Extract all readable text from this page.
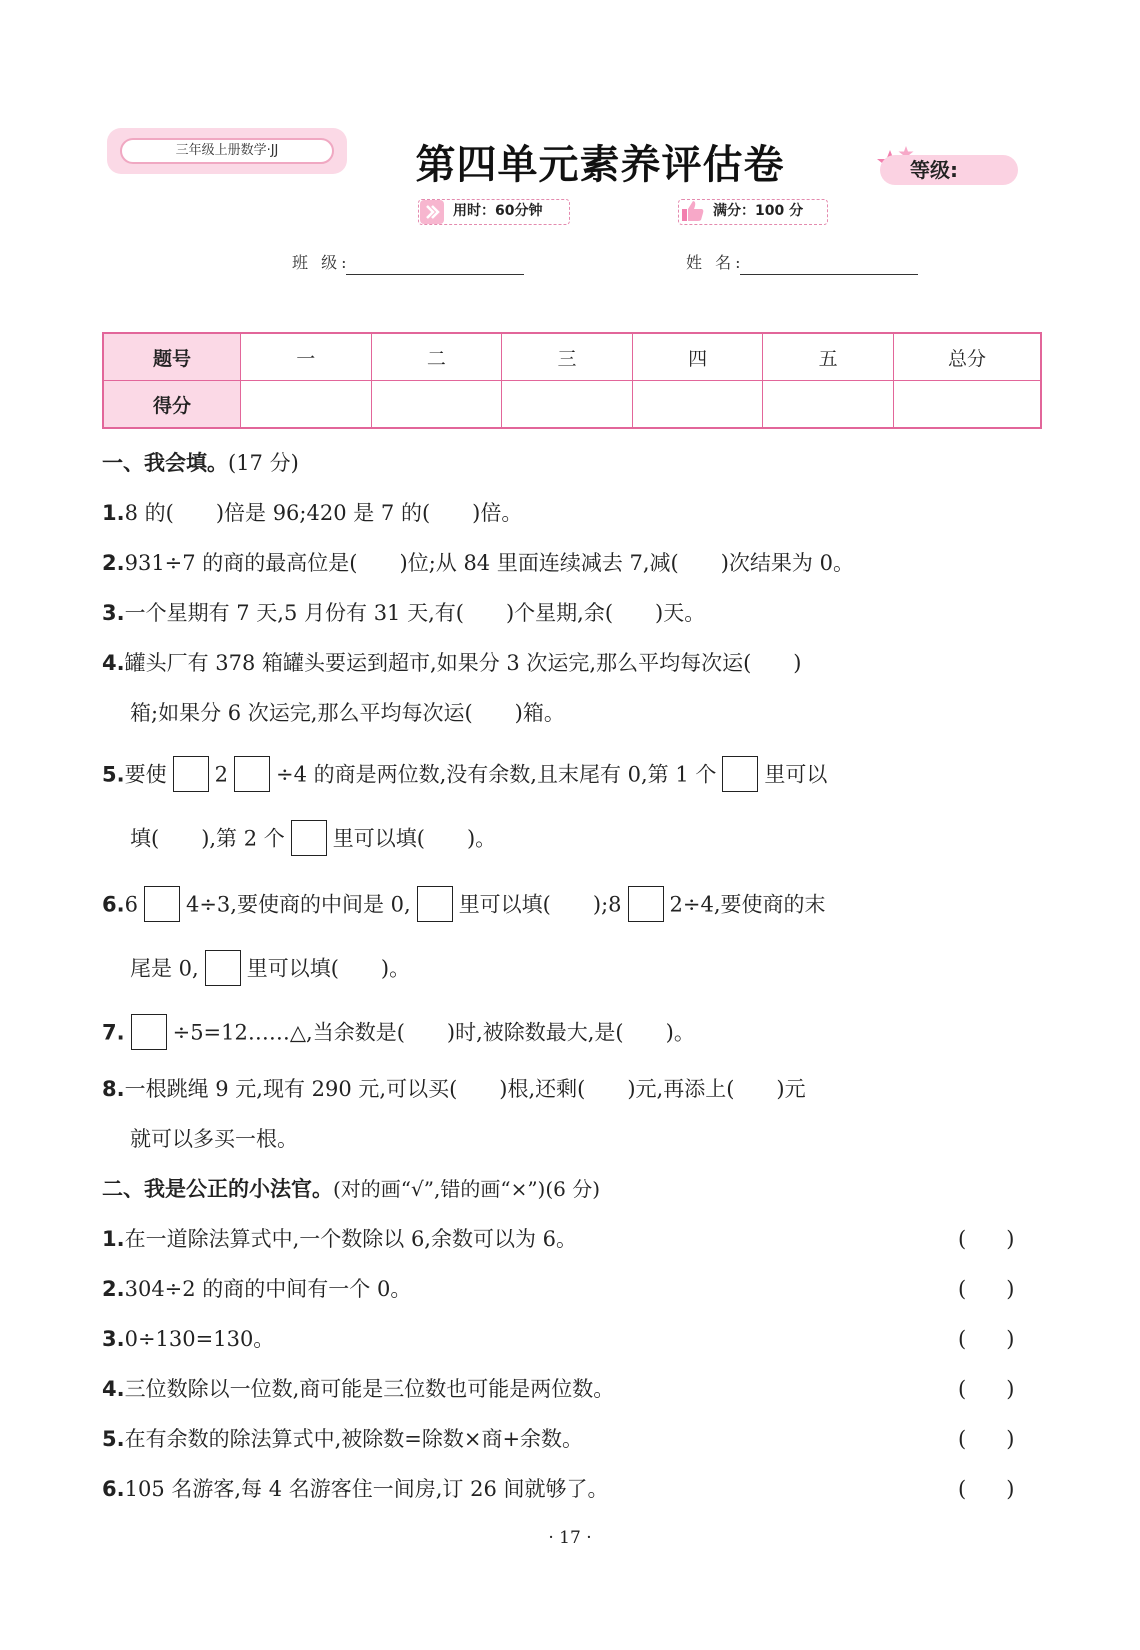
三年级上册数学·JJ	第四单元素养评估卷	等级:
用时：60分钟	满分：100 分
班 级:	姓 名:
题号	一	二	三	四	五	总分
得分						
一、我会填。(17 分)
1.8 的(　　)倍是 96;420 是 7 的(　　)倍。
2.931÷7 的商的最高位是(　　)位;从 84 里面连续减去 7,减(　　)次结果为 0。
3.一个星期有 7 天,5 月份有 31 天,有(　　)个星期,余(　　)天。
4.罐头厂有 378 箱罐头要运到超市,如果分 3 次运完,那么平均每次运(　　)
箱;如果分 6 次运完,那么平均每次运(　　)箱。
5.要使 2 ÷4 的商是两位数,没有余数,且末尾有 0,第 1 个 里可以
填(　　),第 2 个 里可以填(　　)。
6.6 4÷3,要使商的中间是 0, 里可以填(　　);8 2÷4,要使商的末
尾是 0, 里可以填(　　)。
7. ÷5=12……△,当余数是(　　)时,被除数最大,是(　　)。
8.一根跳绳 9 元,现有 290 元,可以买(　　)根,还剩(　　)元,再添上(　　)元
就可以多买一根。
二、我是公正的小法官。(对的画“√”,错的画“×”)(6 分)
1.在一道除法算式中,一个数除以 6,余数可以为 6。	()
2.304÷2 的商的中间有一个 0。	()
3.0÷130=130。	()
4.三位数除以一位数,商可能是三位数也可能是两位数。	()
5.在有余数的除法算式中,被除数=除数×商+余数。	()
6.105 名游客,每 4 名游客住一间房,订 26 间就够了。	()
· 17 ·
